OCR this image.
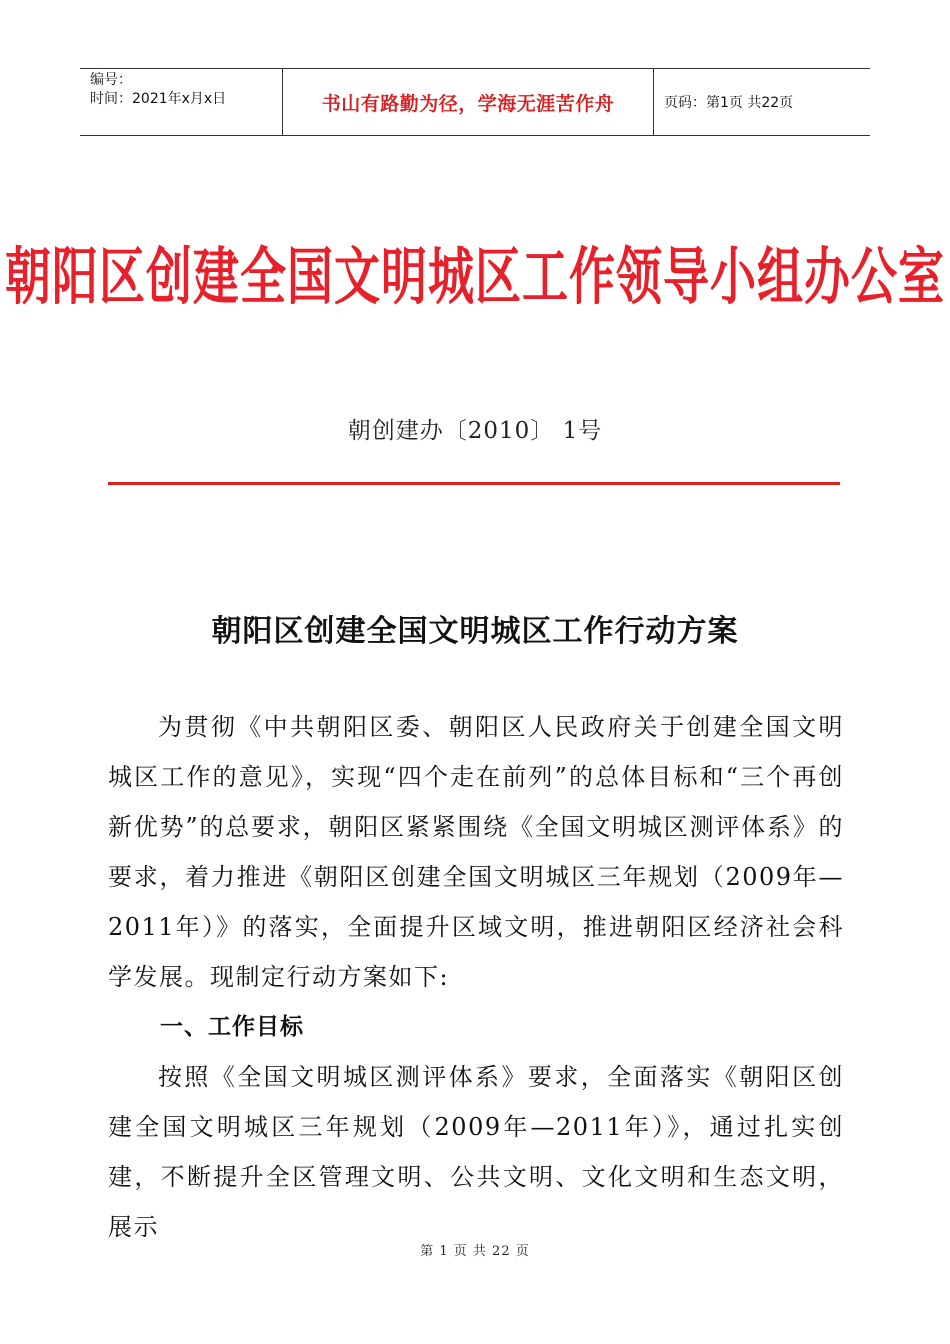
编号：
时间：2021年x月x日	书山有路勤为径，学海无涯苦作舟	页码：第1页 共22页
朝阳区创建全国文明城区工作领导小组办公室
朝创建办〔2010〕 1号
朝阳区创建全国文明城区工作行动方案
为贯彻《中共朝阳区委、朝阳区人民政府关于创建全国文明城区工作的意见》，实现“四个走在前列”的总体目标和“三个再创新优势”的总要求，朝阳区紧紧围绕《全国文明城区测评体系》的要求，着力推进《朝阳区创建全国文明城区三年规划（2009年—2011年）》的落实，全面提升区域文明，推进朝阳区经济社会科学发展。现制定行动方案如下:
一、工作目标
按照《全国文明城区测评体系》要求，全面落实《朝阳区创建全国文明城区三年规划（2009年—2011年）》，通过扎实创建，不断提升全区管理文明、公共文明、文化文明和生态文明，展示
第 1 页 共 22 页
